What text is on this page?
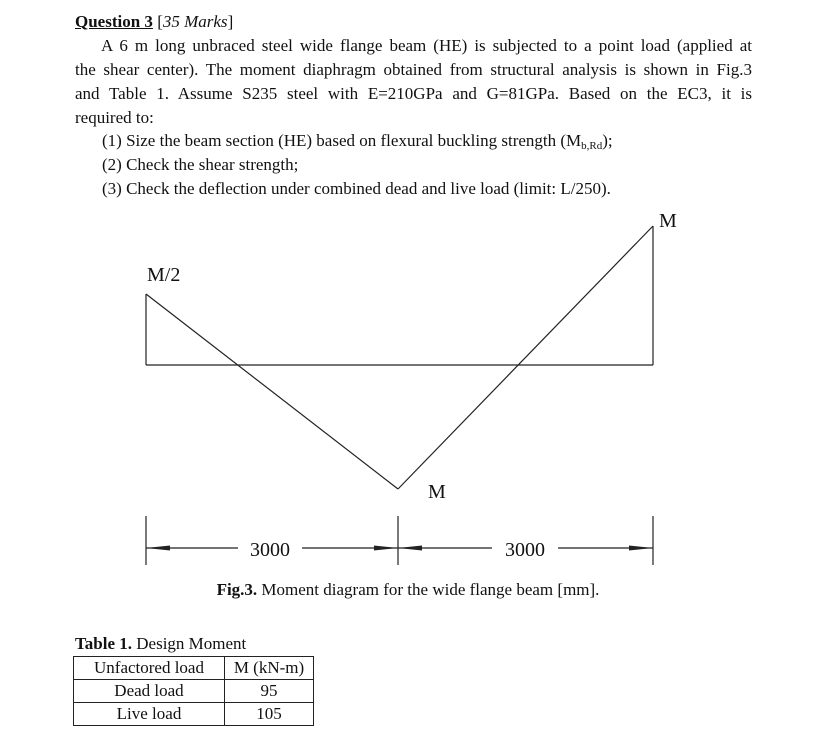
Question 3 [35 Marks]
A 6 m long unbraced steel wide flange beam (HE) is subjected to a point load (applied at
the shear center). The moment diaphragm obtained from structural analysis is shown in Fig.3
and Table 1. Assume S235 steel with E=210GPa and G=81GPa. Based on the EC3, it is
required to:
(1) Size the beam section (HE) based on flexural buckling strength $(M_{b,Rd})$;
(2) Check the shear strength;
(3) Check the deflection under combined dead and live load (limit: L/250).
M
M/2
M
3000	3000
Fig.3. Moment diagram for the wide flange beam [mm].
Table 1. Design Moment
Unfactored load	M (kN-m)
Dead load	95
Live load	105
